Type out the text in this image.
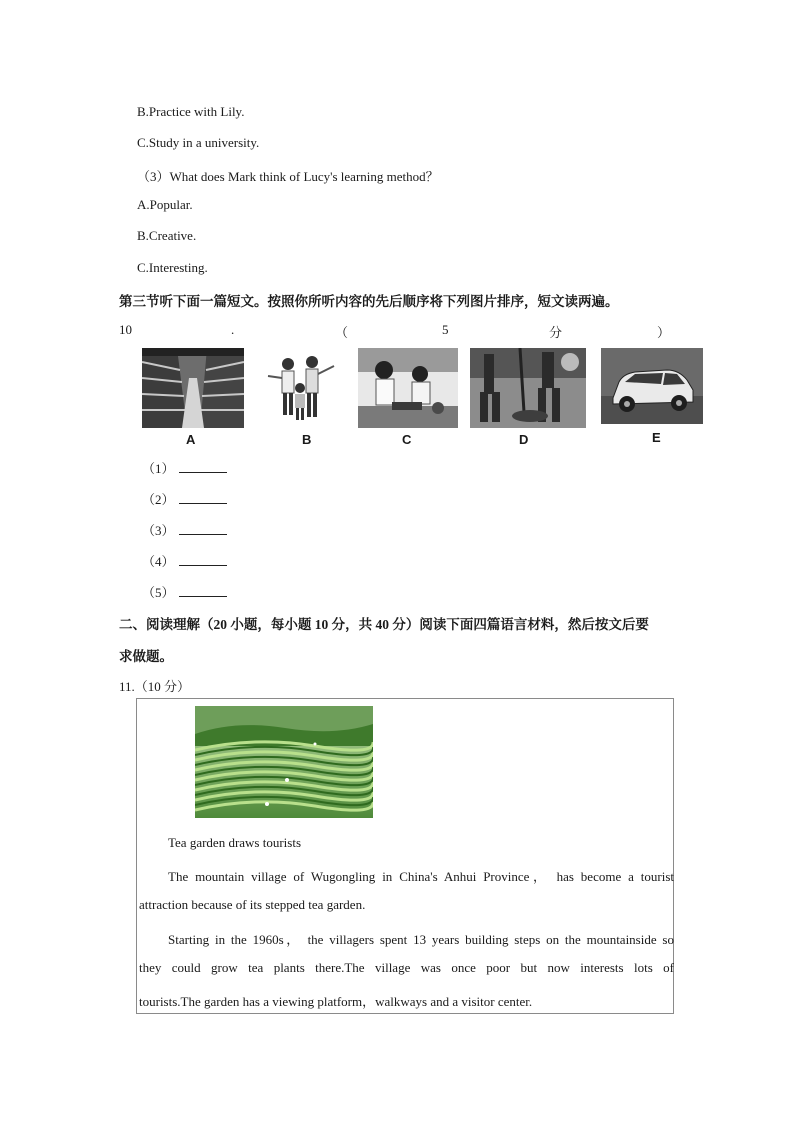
B.Practice with Lily.
C.Study in a university.
（3）What does Mark think of Lucy's learning method？
A.Popular.
B.Creative.
C.Interesting.
第三节听下面一篇短文。按照你所听内容的先后顺序将下列图片排序，短文读两遍。
10	.	（	5	分	）
A	B	C	D	E
（1）
（2）
（3）
（4）
（5）
二、阅读理解（20 小题，每小题 10 分，共 40 分）阅读下面四篇语言材料，然后按文后要
求做题。
11.（10 分）
Tea garden draws tourists
The mountain village of Wugongling in China's Anhui Province， has become a tourist
attraction because of its stepped tea garden.
Starting in the 1960s， the villagers spent 13 years building steps on the mountainside so
they could grow tea plants there.The village was once poor but now interests lots of
tourists.The garden has a viewing platform，walkways and a visitor center.
